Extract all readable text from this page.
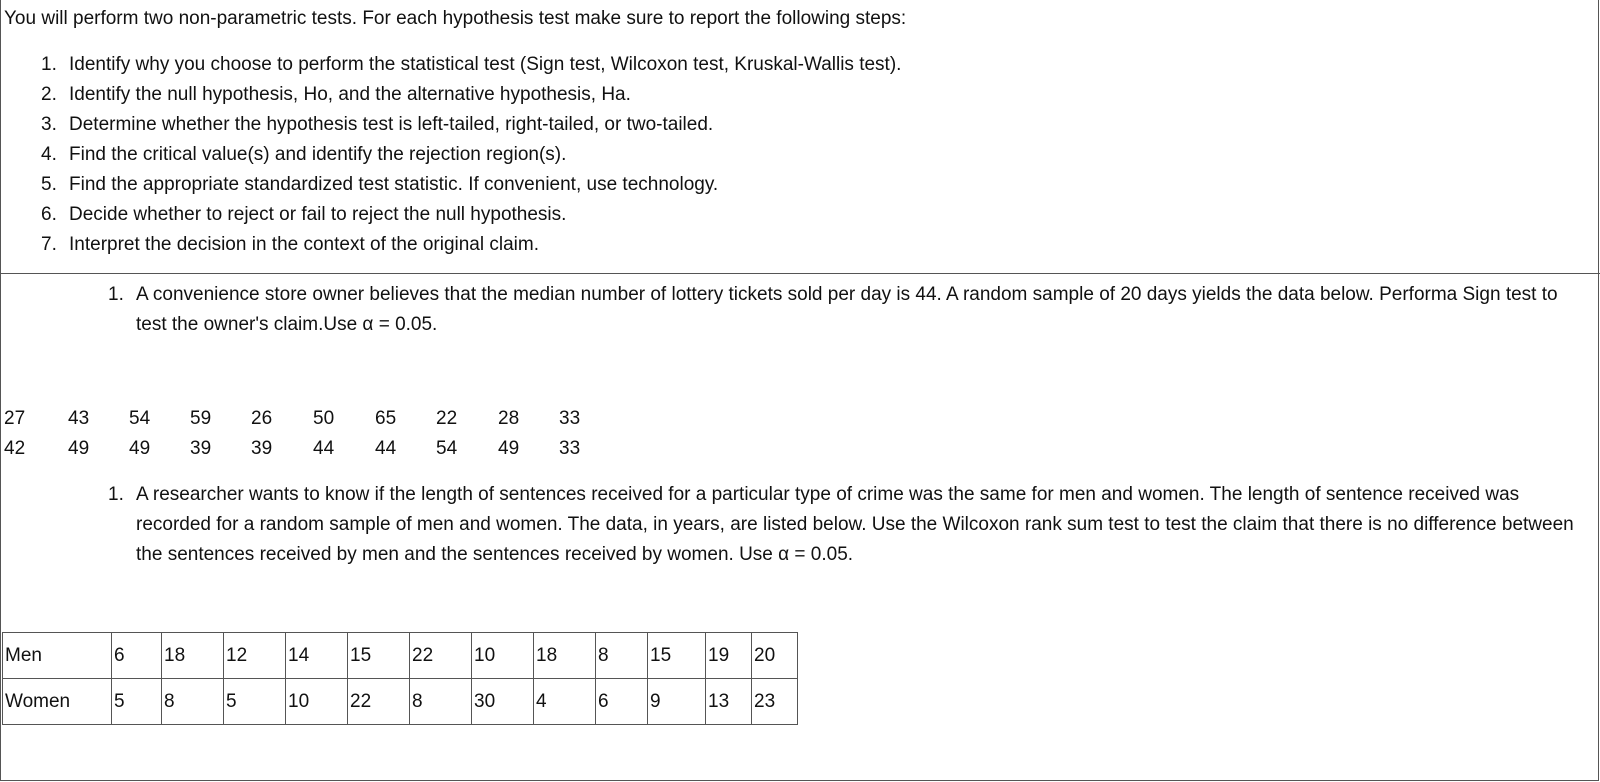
You will perform two non-parametric tests. For each hypothesis test make sure to report the following steps:

1. Identify why you choose to perform the statistical test (Sign test, Wilcoxon test, Kruskal-Wallis test).
2. Identify the null hypothesis, Ho, and the alternative hypothesis, Ha.
3. Determine whether the hypothesis test is left-tailed, right-tailed, or two-tailed.
4. Find the critical value(s) and identify the rejection region(s).
5. Find the appropriate standardized test statistic. If convenient, use technology.
6. Decide whether to reject or fail to reject the null hypothesis.
7. Interpret the decision in the context of the original claim.
1. A convenience store owner believes that the median number of lottery tickets sold per day is 44. A random sample of 20 days yields the data below. Performa Sign test to test the owner's claim.Use α = 0.05.
27	43	54	59	26	50	65	22	28	33
42	49	49	39	39	44	44	54	49	33
1. A researcher wants to know if the length of sentences received for a particular type of crime was the same for men and women. The length of sentence received was recorded for a random sample of men and women. The data, in years, are listed below. Use the Wilcoxon rank sum test to test the claim that there is no difference between the sentences received by men and the sentences received by women. Use α = 0.05.
Men	6	18	12	14	15	22	10	18	8	15	19	20
Women	5	8	5	10	22	8	30	4	6	9	13	23
